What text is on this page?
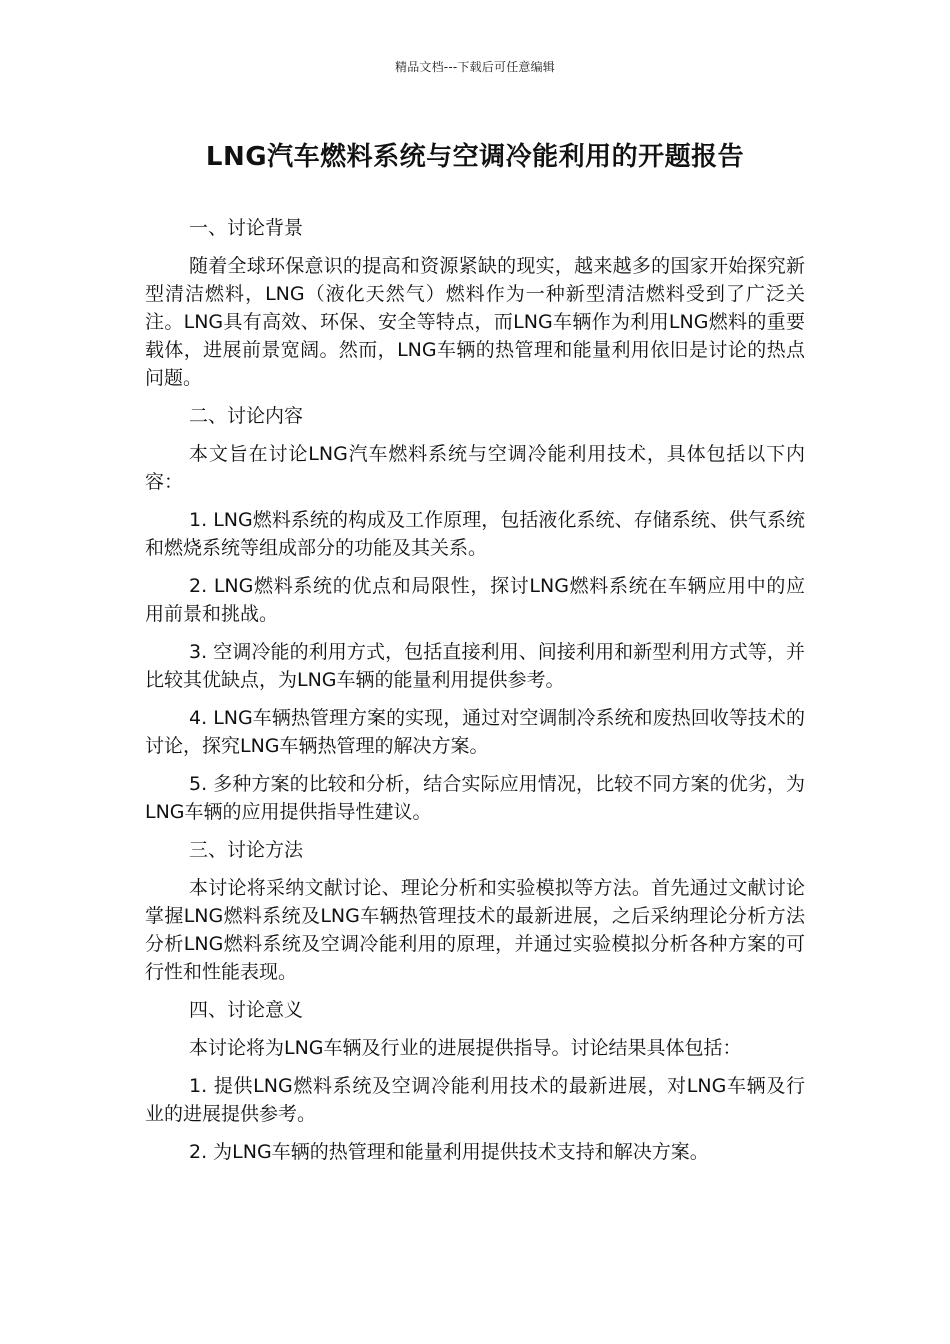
精品文档---下载后可任意编辑
LNG汽车燃料系统与空调冷能利用的开题报告

一、讨论背景

随着全球环保意识的提高和资源紧缺的现实，越来越多的国家开始探究新型清洁燃料，LNG（液化天然气）燃料作为一种新型清洁燃料受到了广泛关注。LNG具有高效、环保、安全等特点，而LNG车辆作为利用LNG燃料的重要载体，进展前景宽阔。然而，LNG车辆的热管理和能量利用依旧是讨论的热点问题。

二、讨论内容

本文旨在讨论LNG汽车燃料系统与空调冷能利用技术，具体包括以下内容：

1. LNG燃料系统的构成及工作原理，包括液化系统、存储系统、供气系统和燃烧系统等组成部分的功能及其关系。

2. LNG燃料系统的优点和局限性，探讨LNG燃料系统在车辆应用中的应用前景和挑战。

3. 空调冷能的利用方式，包括直接利用、间接利用和新型利用方式等，并比较其优缺点，为LNG车辆的能量利用提供参考。

4. LNG车辆热管理方案的实现，通过对空调制冷系统和废热回收等技术的讨论，探究LNG车辆热管理的解决方案。

5. 多种方案的比较和分析，结合实际应用情况，比较不同方案的优劣，为LNG车辆的应用提供指导性建议。

三、讨论方法

本讨论将采纳文献讨论、理论分析和实验模拟等方法。首先通过文献讨论掌握LNG燃料系统及LNG车辆热管理技术的最新进展，之后采纳理论分析方法分析LNG燃料系统及空调冷能利用的原理，并通过实验模拟分析各种方案的可行性和性能表现。

四、讨论意义

本讨论将为LNG车辆及行业的进展提供指导。讨论结果具体包括：

1. 提供LNG燃料系统及空调冷能利用技术的最新进展，对LNG车辆及行业的进展提供参考。

2. 为LNG车辆的热管理和能量利用提供技术支持和解决方案。
